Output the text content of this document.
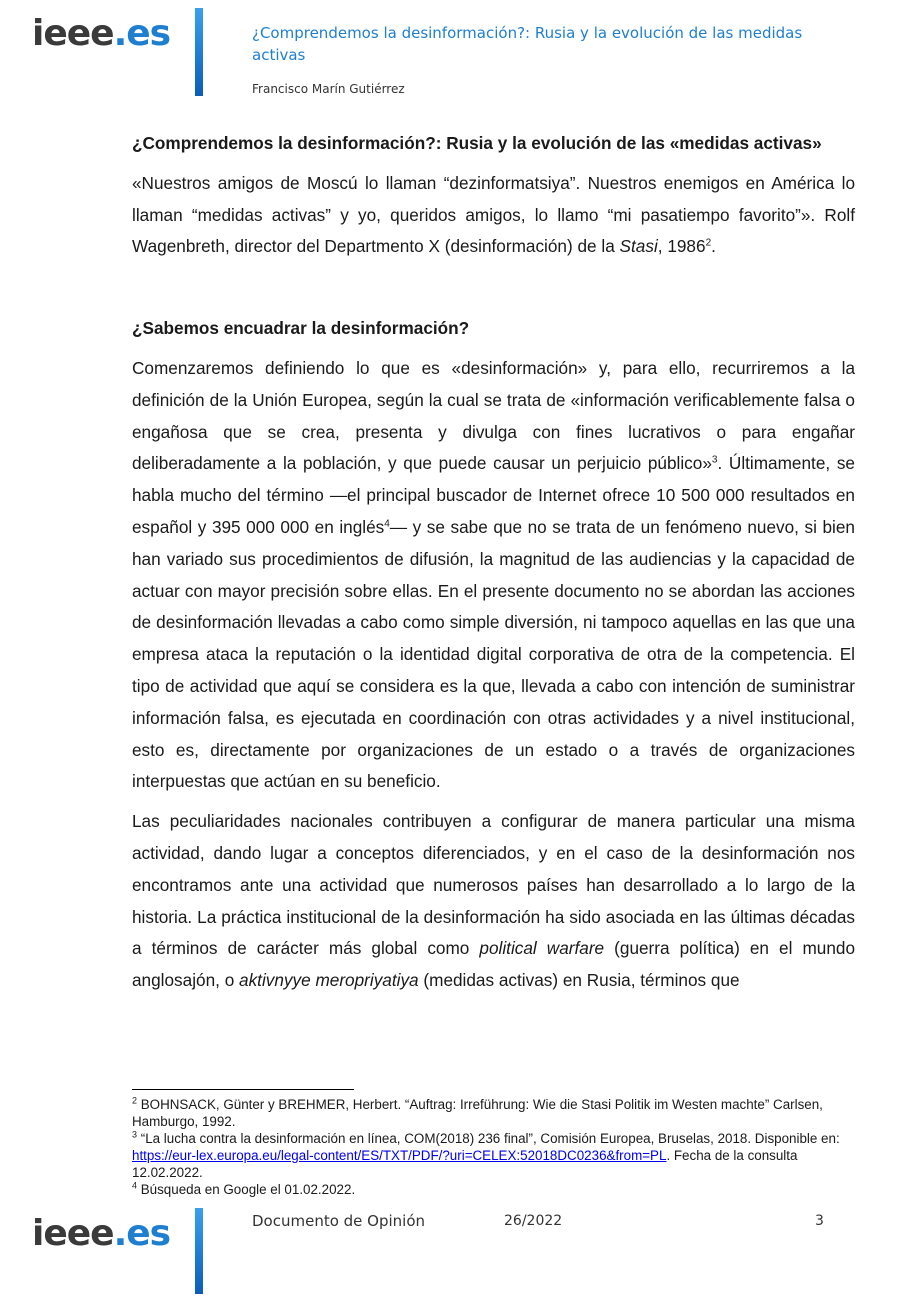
ieee.es	¿Comprendemos la desinformación?: Rusia y la evolución de las medidas activas
Francisco Marín Gutiérrez

¿Comprendemos la desinformación?: Rusia y la evolución de las «medidas activas»

«Nuestros amigos de Moscú lo llaman “dezinformatsiya”. Nuestros enemigos en América lo llaman “medidas activas” y yo, queridos amigos, lo llamo “mi pasatiempo favorito”». Rolf Wagenbreth, director del Departmento X (desinformación) de la Stasi, 1986$^2$.

¿Sabemos encuadrar la desinformación?

Comenzaremos definiendo lo que es «desinformación» y, para ello, recurriremos a la definición de la Unión Europea, según la cual se trata de «información verificablemente falsa o engañosa que se crea, presenta y divulga con fines lucrativos o para engañar deliberadamente a la población, y que puede causar un perjuicio público»$^3$. Últimamente, se habla mucho del término —el principal buscador de Internet ofrece 10 500 000 resultados en español y 395 000 000 en inglés$^4$— y se sabe que no se trata de un fenómeno nuevo, si bien han variado sus procedimientos de difusión, la magnitud de las audiencias y la capacidad de actuar con mayor precisión sobre ellas. En el presente documento no se abordan las acciones de desinformación llevadas a cabo como simple diversión, ni tampoco aquellas en las que una empresa ataca la reputación o la identidad digital corporativa de otra de la competencia. El tipo de actividad que aquí se considera es la que, llevada a cabo con intención de suministrar información falsa, es ejecutada en coordinación con otras actividades y a nivel institucional, esto es, directamente por organizaciones de un estado o a través de organizaciones interpuestas que actúan en su beneficio.

Las peculiaridades nacionales contribuyen a configurar de manera particular una misma actividad, dando lugar a conceptos diferenciados, y en el caso de la desinformación nos encontramos ante una actividad que numerosos países han desarrollado a lo largo de la historia. La práctica institucional de la desinformación ha sido asociada en las últimas décadas a términos de carácter más global como political warfare (guerra política) en el mundo anglosajón, o aktivnyye meropriyatiya (medidas activas) en Rusia, términos que

$^2$ BOHNSACK, Günter y BREHMER, Herbert. “Auftrag: Irreführung: Wie die Stasi Politik im Westen machte” Carlsen, Hamburgo, 1992.

$^3$ “La lucha contra la desinformación en línea, COM(2018) 236 final”, Comisión Europea, Bruselas, 2018. Disponible en: https://eur-lex.europa.eu/legal-content/ES/TXT/PDF/?uri=CELEX:52018DC0236&from=PL. Fecha de la consulta 12.02.2022.

$^4$ Búsqueda en Google el 01.02.2022.

ieee.es	Documento de Opinión	26/2022	3
